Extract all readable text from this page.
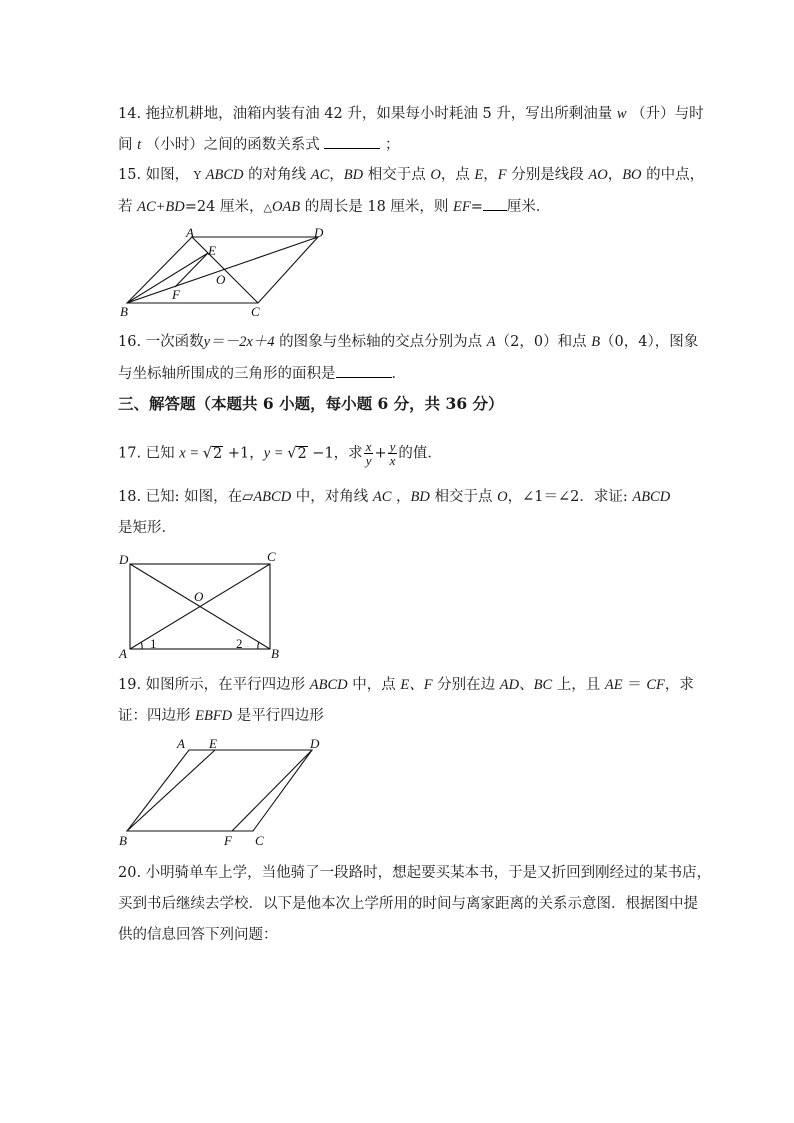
14. 拖拉机耕地，油箱内装有油 42 升，如果每小时耗油 5 升，写出所剩油量 w （升）与时
间 t （小时）之间的函数关系式	；
15. 如图， Y ABCD 的对角线 AC，BD 相交于点 O，点 E，F 分别是线段 AO，BO 的中点，
若 AC+BD=24 厘米，△OAB 的周长是 18 厘米，则 EF= 厘米．
A	D
E
O
B
F
C
16. 一次函数y＝－2x＋4 的图象与坐标轴的交点分别为点 A（2，0）和点 B（0，4），图象
与坐标轴所围成的三角形的面积是	．
三、解答题（本题共 6 小题，每小题 6 分，共 36 分）
17. 已知 x = √2 +1，y = √2 −1，求 $\frac{x}{y} + \frac{y}{x}$ 的值．
18. 已知: 如图，在▱ABCD 中，对角线 AC ，BD 相交于点 O，∠1＝∠2．求证: ABCD
是矩形．
D	C
O
A	B
1	2
19. 如图所示，在平行四边形 ABCD 中，点 E、F 分别在边 AD、BC 上，且 AE ＝ CF，求
证：四边形 EBFD 是平行四边形
A E	D
B	F C
20. 小明骑单车上学，当他骑了一段路时，想起要买某本书，于是又折回到刚经过的某书店，
买到书后继续去学校．以下是他本次上学所用的时间与离家距离的关系示意图．根据图中提
供的信息回答下列问题：
